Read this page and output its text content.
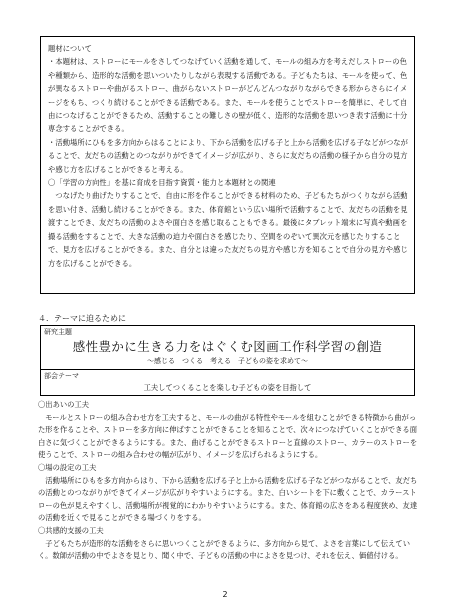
題材について

・本題材は、ストローにモールをさしてつなげていく活動を通して、モールの組み方を考えだしストローの色や種類から、造形的な活動を思いついたりしながら表現する活動である。子どもたちは、モールを使って、色が異なるストローや曲がるストロー、曲がらないストローがどんどんつながりながらできる形からさらにイメージをもち、つくり続けることができる活動である。また、モールを使うことでストローを簡単に、そして自由につなげることができるため、活動することの難しさの壁が低く、造形的な活動を思いつき表す活動に十分専念することができる。

・活動場所にひもを多方向からはることにより、下から活動を広げる子と上から活動を広げる子などがつながることで、友だちの活動とのつながりができてイメージが広がり、さらに友だちの活動の様子から自分の見方や感じ方を広げることができると考える。

〇「学習の方向性」を基に育成を目指す資質・能力と本題材との関連

　つなげたり曲げたりすることで、自由に形を作ることができる材料のため、子どもたちがつくりながら活動を思い付き、活動し続けることができる。また、体育館という広い場所で活動することで、友だちの活動を見渡すことでき、友だちの活動のよさや面白さを感じ取ることもできる。最後にタブレット端末に写真や動画を撮る活動をすることで、大きな活動の迫力や面白さを感じたり、空間をのぞいて異次元を感じたりすることで、見方を広げることができる。また、自分とは違った友だちの見方や感じ方を知ることで自分の見方や感じ方を広げることができる。

４．テーマに迫るために
研究主題
感性豊かに生きる力をはぐくむ図画工作科学習の創造
～感じる　つくる　考える　子どもの姿を求めて～
部会テーマ
工夫してつくることを楽しむ子どもの姿を目指して

〇出あいの工夫

　モールとストローの組み合わせ方を工夫すると、モールの曲がる特性やモールを組むことができる特徴から曲がった形を作ることや、ストローを多方向に伸ばすことができることを知ることで、次々につなげていくことができる面白さに気づくことができるようにする。また、曲げることができるストローと直線のストロー、カラーのストローを使うことで、ストローの組み合わせの幅が広がり、イメージを広げられるようにする。

〇場の設定の工夫

　活動場所にひもを多方向からはり、下から活動を広げる子と上から活動を広げる子などがつながることで、友だちの活動とのつながりができてイメージが広がりやすいようにする。また、白いシートを下に敷くことで、カラーストローの色が見えやすくし、活動場所が視覚的にわかりやすいようにする。また、体育館の広さをある程度狭め、友達の活動を近くで見ることができる場づくりをする。

〇共感的支援の工夫

　子どもたちが造形的な活動をさらに思いつくことができるように、多方向から見て、よさを言葉にして伝えていく。数師が活動の中でよさを見とり、聞く中で、子どもの活動の中によさを見つけ、それを伝え、価値付ける。

2
